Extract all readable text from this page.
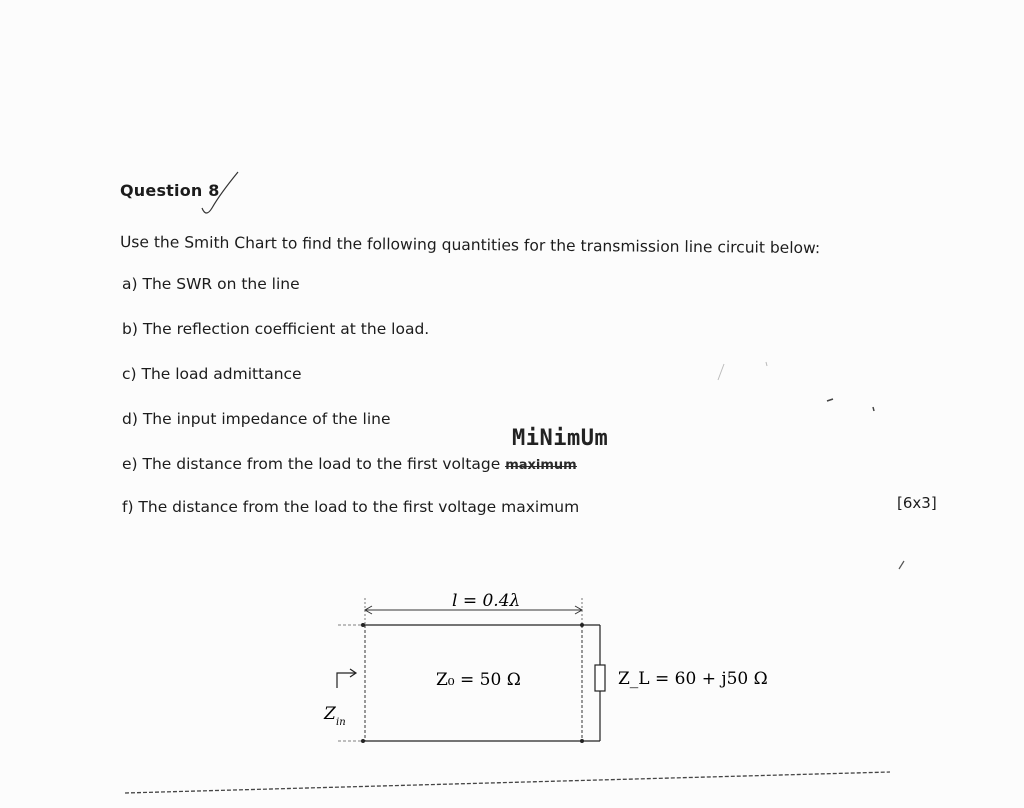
Question 8
Use the Smith Chart to find the following quantities for the transmission line circuit below:
a) The SWR on the line
b) The reflection coefficient at the load.
c) The load admittance
d) The input impedance of the line
MiNimUm
e) The distance from the load to the first voltage maximum
f) The distance from the load to the first voltage maximum	[6x3]
l = 0.4λ
Z₀ = 50 Ω	Z_L = 60 + j50 Ω
Z in
